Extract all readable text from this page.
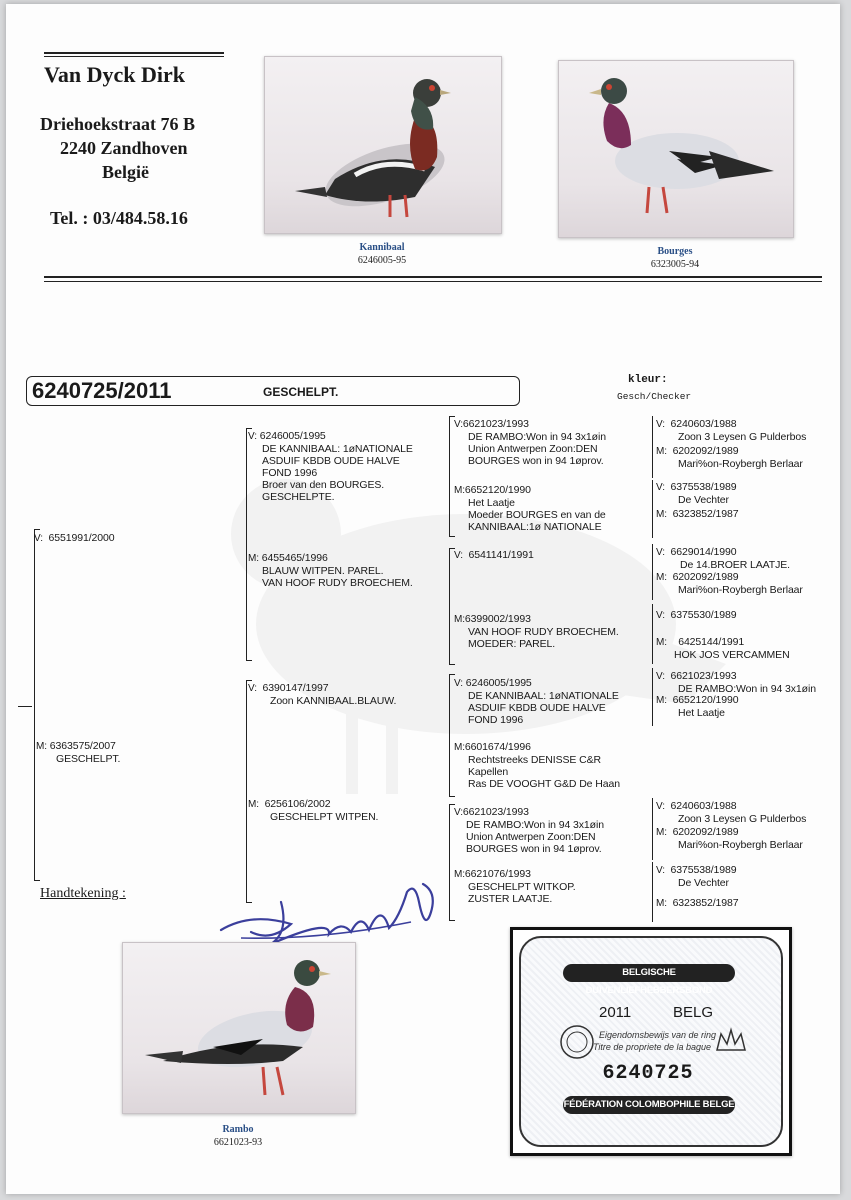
Van Dyck Dirk
Driehoekstraat 76 B
2240 Zandhoven
België
Tel. : 03/484.58.16
Kannibaal
6246005-95
Bourges
6323005-94
6240725/2011	GESCHELPT.
kleur:
Gesch/Checker
V: 6551991/2000
M: 6363575/2007
GESCHELPT.
V: 6246005/1995
DE KANNIBAAL: 1øNATIONALE
ASDUIF KBDB OUDE HALVE
FOND 1996
Broer van den BOURGES.
GESCHELPTE.
M: 6455465/1996
BLAUW WITPEN. PAREL.
VAN HOOF RUDY BROECHEM.
V: 6390147/1997
Zoon KANNIBAAL.BLAUW.
M: 6256106/2002
GESCHELPT WITPEN.
V:6621023/1993
DE RAMBO:Won in 94 3x1øin
Union Antwerpen Zoon:DEN
BOURGES won in 94 1øprov.
M:6652120/1990
Het Laatje
Moeder BOURGES en van de
KANNIBAAL:1ø NATIONALE
V: 6541141/1991
M:6399002/1993
VAN HOOF RUDY BROECHEM.
MOEDER: PAREL.
V: 6246005/1995
DE KANNIBAAL: 1øNATIONALE
ASDUIF KBDB OUDE HALVE
FOND 1996
M:6601674/1996
Rechtstreeks DENISSE C&R
Kapellen
Ras DE VOOGHT G&D De Haan
V:6621023/1993
DE RAMBO:Won in 94 3x1øin
Union Antwerpen Zoon:DEN
BOURGES won in 94 1øprov.
M:6621076/1993
GESCHELPT WITKOP.
ZUSTER LAATJE.
V: 6240603/1988
Zoon 3 Leysen G Pulderbos
M: 6202092/1989
Mari%on-Roybergh Berlaar
V: 6375538/1989
De Vechter
M: 6323852/1987
V: 6629014/1990
De 14.BROER LAATJE.
M: 6202092/1989
Mari%on-Roybergh Berlaar
V: 6375530/1989
M: 6425144/1991
HOK JOS VERCAMMEN
V: 6621023/1993
DE RAMBO:Won in 94 3x1øin
M: 6652120/1990
Het Laatje
V: 6240603/1988
Zoon 3 Leysen G Pulderbos
M: 6202092/1989
Mari%on-Roybergh Berlaar
V: 6375538/1989
De Vechter
M: 6323852/1987
Handtekening :
Rambo
6621023-93
BELGISCHE DUIVENLIEFHEBBERSBOND
2011	BELG
Eigendomsbewijs van de ring
Titre de propriete de la bague
6240725
FÉDÉRATION COLOMBOPHILE BELGE
